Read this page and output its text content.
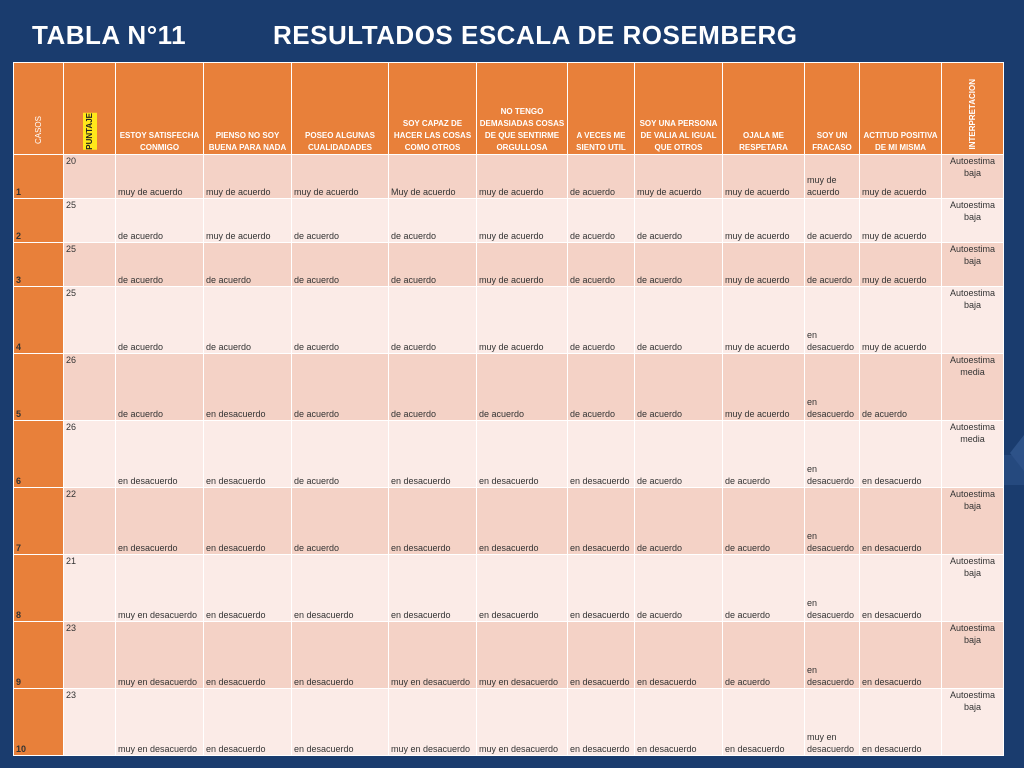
TABLA N°11	RESULTADOS ESCALA DE ROSEMBERG
CASOS	PUNTAJE	ESTOY SATISFECHA CONMIGO	PIENSO NO SOY BUENA PARA NADA	POSEO ALGUNAS CUALIDADADES	SOY CAPAZ DE HACER LAS COSAS COMO OTROS	NO TENGO DEMASIADAS COSAS DE QUE SENTIRME ORGULLOSA	A VECES ME SIENTO UTIL	SOY UNA PERSONA DE VALIA AL IGUAL QUE OTROS	OJALA ME RESPETARA	SOY UN FRACASO	ACTITUD POSITIVA DE MI MISMA	INTERPRETACION
1	20	muy de acuerdo	muy de acuerdo	muy de acuerdo	Muy de acuerdo	muy de acuerdo	de acuerdo	muy de acuerdo	muy de acuerdo	muy de acuerdo	muy de acuerdo	Autoestima baja
2	25	de acuerdo	muy de acuerdo	de acuerdo	de acuerdo	muy de acuerdo	de acuerdo	de acuerdo	muy de acuerdo	de acuerdo	muy de acuerdo	Autoestima baja
3	25	de acuerdo	de acuerdo	de acuerdo	de acuerdo	muy de acuerdo	de acuerdo	de acuerdo	muy de acuerdo	de acuerdo	muy de acuerdo	Autoestima baja
4	25	de acuerdo	de acuerdo	de acuerdo	de acuerdo	muy de acuerdo	de acuerdo	de acuerdo	muy de acuerdo	en desacuerdo	muy de acuerdo	Autoestima baja
5	26	de acuerdo	en desacuerdo	de acuerdo	de acuerdo	de acuerdo	de acuerdo	de acuerdo	muy de acuerdo	en desacuerdo	de acuerdo	Autoestima media
6	26	en desacuerdo	en desacuerdo	de acuerdo	en desacuerdo	en desacuerdo	en desacuerdo	de acuerdo	de acuerdo	en desacuerdo	en desacuerdo	Autoestima media
7	22	en desacuerdo	en desacuerdo	de acuerdo	en desacuerdo	en desacuerdo	en desacuerdo	de acuerdo	de acuerdo	en desacuerdo	en desacuerdo	Autoestima baja
8	21	muy en desacuerdo	en desacuerdo	en desacuerdo	en desacuerdo	en desacuerdo	en desacuerdo	de acuerdo	de acuerdo	en desacuerdo	en desacuerdo	Autoestima baja
9	23	muy en desacuerdo	en desacuerdo	en desacuerdo	muy en desacuerdo	muy en desacuerdo	en desacuerdo	en desacuerdo	de acuerdo	en desacuerdo	en desacuerdo	Autoestima baja
10	23	muy en desacuerdo	en desacuerdo	en desacuerdo	muy en desacuerdo	muy en desacuerdo	en desacuerdo	en desacuerdo	en desacuerdo	muy en desacuerdo	en desacuerdo	Autoestima baja
